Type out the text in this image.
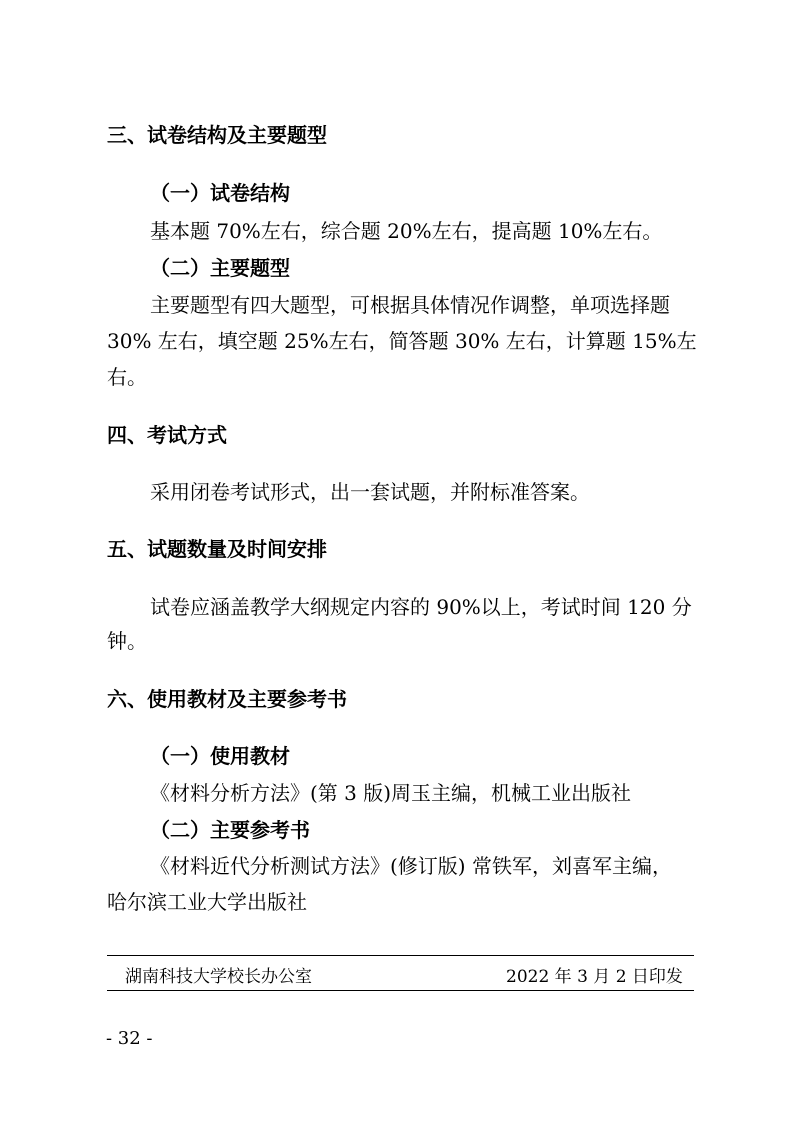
三、试卷结构及主要题型
（一）试卷结构
基本题 70%左右，综合题 20%左右，提高题 10%左右。
（二）主要题型
主要题型有四大题型，可根据具体情况作调整，单项选择题
30% 左右，填空题 25%左右，简答题 30% 左右，计算题 15%左
右。
四、考试方式
采用闭卷考试形式，出一套试题，并附标准答案。
五、试题数量及时间安排
试卷应涵盖教学大纲规定内容的 90%以上，考试时间 120 分
钟。
六、使用教材及主要参考书
（一）使用教材
《材料分析方法》(第 3 版)周玉主编，机械工业出版社
（二）主要参考书
《材料近代分析测试方法》(修订版) 常铁军，刘喜军主编，
哈尔滨工业大学出版社
湖南科技大学校长办公室	2022 年 3 月 2 日印发
- 32 -
